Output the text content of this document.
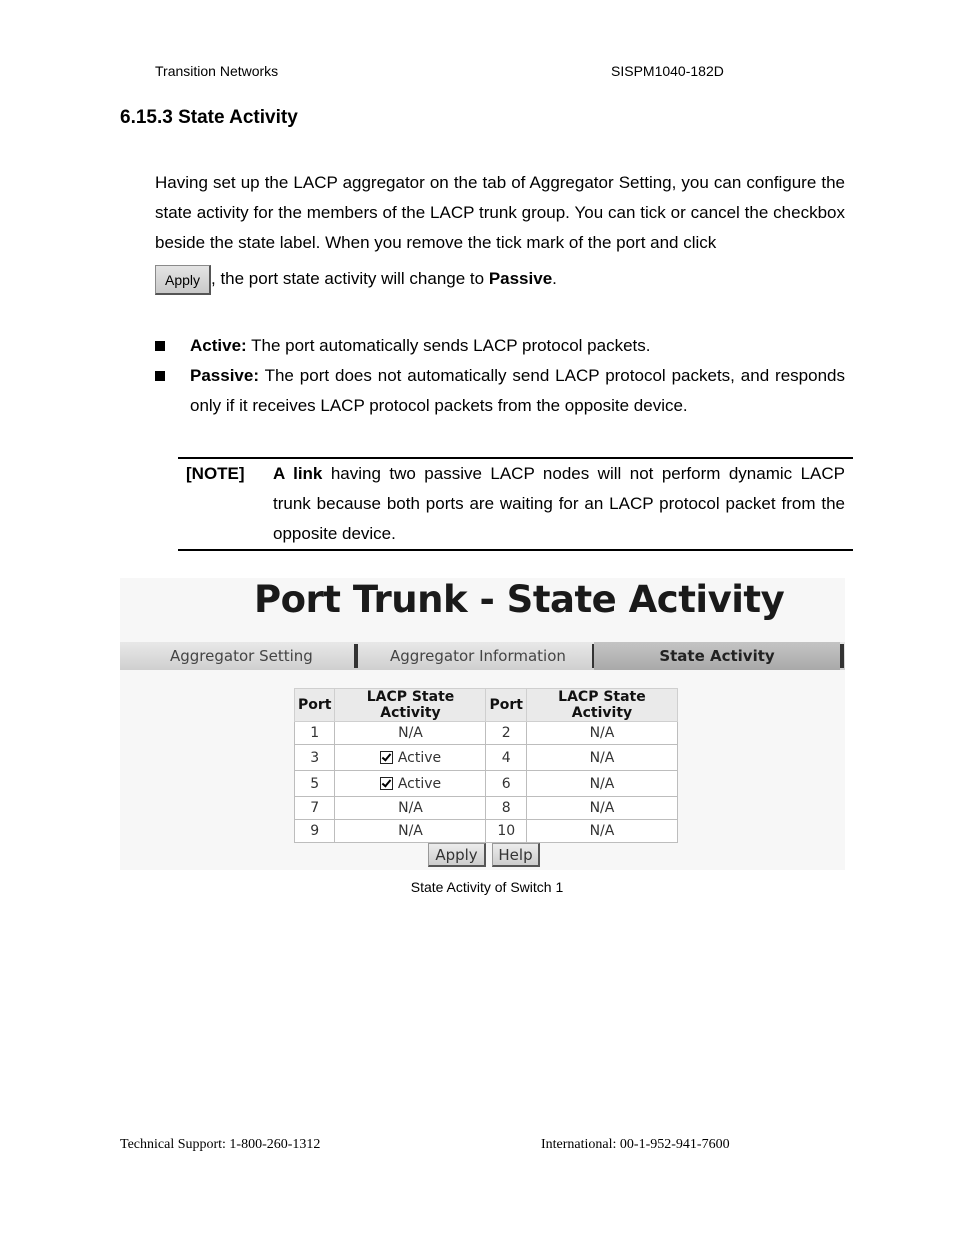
Transition Networks	SISPM1040-182D
6.15.3 State Activity

Having set up the LACP aggregator on the tab of Aggregator Setting, you can configure the state activity for the members of the LACP trunk group. You can tick or cancel the checkbox beside the state label. When you remove the tick mark of the port and click

Apply , the port state activity will change to Passive.

Active: The port automatically sends LACP protocol packets.
Passive: The port does not automatically send LACP protocol packets, and responds only if it receives LACP protocol packets from the opposite device.
[NOTE] A link having two passive LACP nodes will not perform dynamic LACP trunk because both ports are waiting for an LACP protocol packet from the opposite device.
Port Trunk - State Activity
Aggregator Setting	Aggregator Information	State Activity
Port	LACP State Activity	Port	LACP State Activity
1	N/A	2	N/A
3	Active	4	N/A
5	Active	6	N/A
7	N/A	8	N/A
9	N/A	10	N/A
Apply	Help
State Activity of Switch 1
Technical Support: 1-800-260-1312	International: 00-1-952-941-7600
